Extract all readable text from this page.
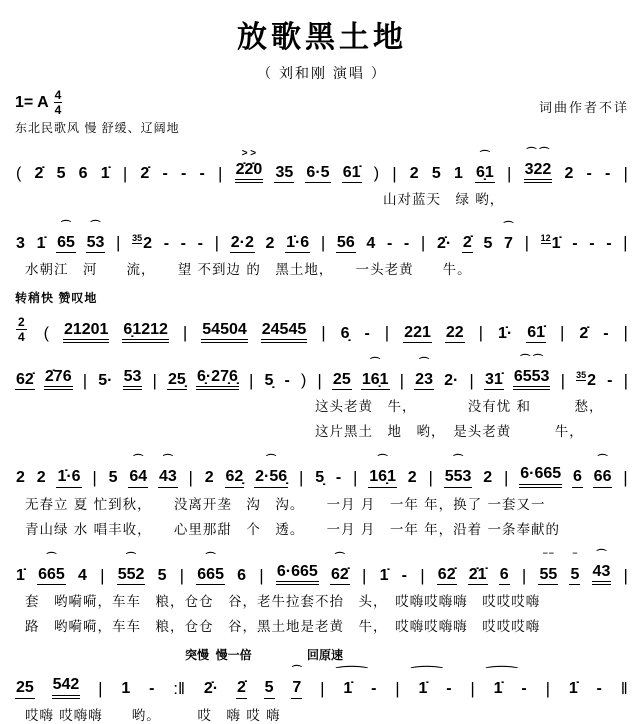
放歌黑土地
（ 刘和刚 演唱 ）
1= A $\frac{4}{4}$	词曲作者不详
东北民歌风 慢 舒缓、辽阔地
( 2̇ 5 6 1̇ | 2̇ - - - |
> >
2̇2̇0 35 6·5 61̇ ) | 2 5 1
⌒
6̣1 |
⌒ ⌒
322 2 - - |
山对蓝天　绿 哟，
3 1̇
⌒
65
⌒
53 | $^{35}$2 - - - | 2·2 2 1̇·6 | 56 4 - - | 2̇· 2̇ 5
⌒
7 | $^{12}$1̇ - - - |
水朝江　河　　流，　　望 不到边 的　黑土地，　　一头老黄　　牛。
转稍快 赞叹地
2
4 ( 21201 6̣1212 | 54504 24545 | 6̣ - | 221 22 | 1̇· 61̇ | 2̇ - |
62̇ 2̇76 | 5· 53 | 25̣ 6̣·27̣6̣ | 5̣ - ) | 25
⌒
16̣1 |
⌒
23 2· | 31̇
⌒ ⌒
6553 | $^{35}$2 - |
这头老黄　牛，　　　　没有忧 和　　　愁，
这片黑土　地　哟，　是头老黄　　　牛，
2 2 1̇·6 | 5
⌒
64
⌒
43 | 2 62̣
⌒
2·56̣ | 5̣ - |
⌒
16̣1 2 |
⌒
553 2 | 6·665 6
⌒
66 |
无春立 夏 忙到秋，　　没离开垄　沟　沟。　　一月 月　一年 年，换了 一套又一
青山绿 水 唱丰收，　　心里那甜　个　透。　　一月 月　一年 年，沿着 一条奉献的
1̇
⌒
665 4 |
⌒
552 5 |
⌒
665 6 | 6·665
⌒
62̇ | 1̇ - | 62̇ 2̇1̇ 6 |
‾ ‾
55
‾
5
⌒
43 |
套　哟嗬嗬，车车　粮，仓仓　谷，老牛拉套不抬　头，　哎嗨哎嗨嗨　哎哎哎嗨
路　哟嗬嗬，车车　粮，仓仓　谷，黑土地是老黄　牛，　哎嗨哎嗨嗨　哎哎哎嗨
突慢  慢一倍	回原速
25 542 | 1 - :‖ 2̇· 2̇ 5
⌒
7 |
⌒
1̇ - |
⌒
1̇ - |
⌒
1̇ - | 1̇ - ‖
哎嗨 哎嗨嗨　　哟。　　　哎　嗨 哎 嗨
